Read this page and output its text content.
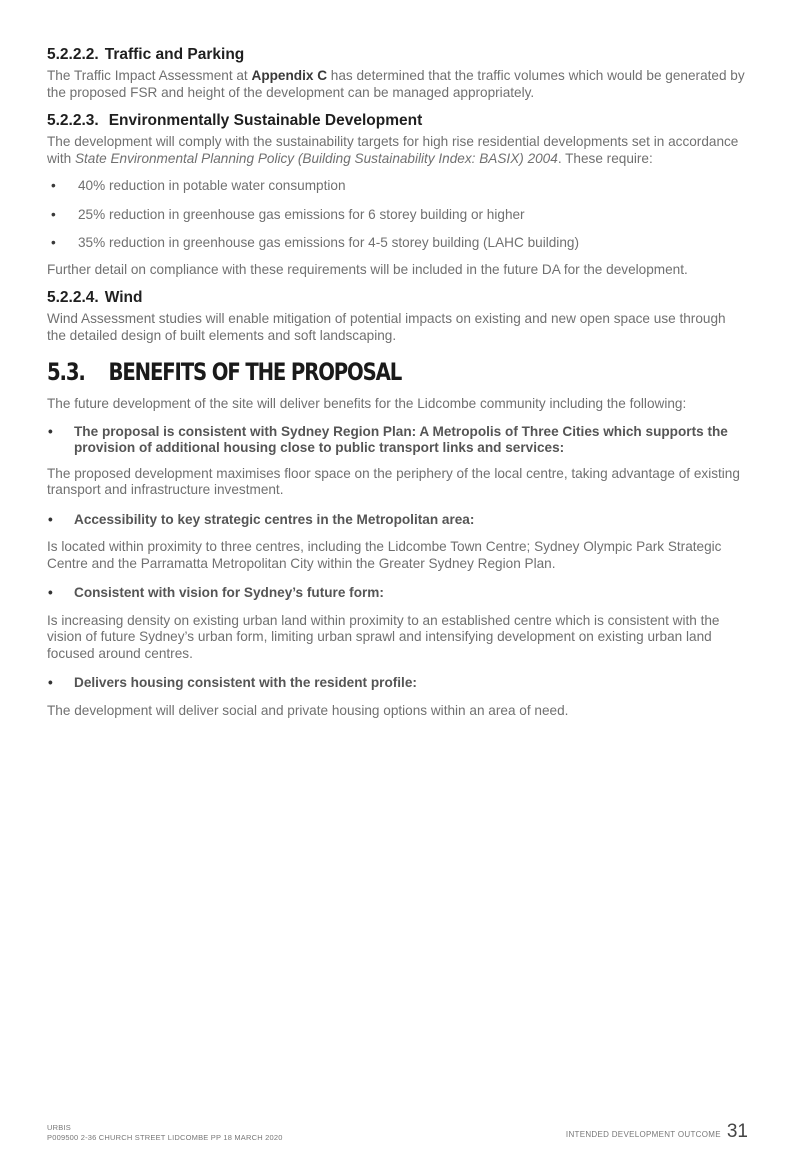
5.2.2.2. Traffic and Parking

The Traffic Impact Assessment at Appendix C has determined that the traffic volumes which would be generated by the proposed FSR and height of the development can be managed appropriately.

5.2.2.3. Environmentally Sustainable Development

The development will comply with the sustainability targets for high rise residential developments set in accordance with State Environmental Planning Policy (Building Sustainability Index: BASIX) 2004. These require:

• 40% reduction in potable water consumption
• 25% reduction in greenhouse gas emissions for 6 storey building or higher
• 35% reduction in greenhouse gas emissions for 4-5 storey building (LAHC building)

Further detail on compliance with these requirements will be included in the future DA for the development.

5.2.2.4. Wind

Wind Assessment studies will enable mitigation of potential impacts on existing and new open space use through the detailed design of built elements and soft landscaping.

5.3. BENEFITS OF THE PROPOSAL

The future development of the site will deliver benefits for the Lidcombe community including the following:

• The proposal is consistent with Sydney Region Plan: A Metropolis of Three Cities which supports the provision of additional housing close to public transport links and services:

The proposed development maximises floor space on the periphery of the local centre, taking advantage of existing transport and infrastructure investment.

• Accessibility to key strategic centres in the Metropolitan area:

Is located within proximity to three centres, including the Lidcombe Town Centre; Sydney Olympic Park Strategic Centre and the Parramatta Metropolitan City within the Greater Sydney Region Plan.

• Consistent with vision for Sydney’s future form:

Is increasing density on existing urban land within proximity to an established centre which is consistent with the vision of future Sydney’s urban form, limiting urban sprawl and intensifying development on existing urban land focused around centres.

• Delivers housing consistent with the resident profile:

The development will deliver social and private housing options within an area of need.

URBIS
P009500 2-36 CHURCH STREET LIDCOMBE PP 18 MARCH 2020	INTENDED DEVELOPMENT OUTCOME 31
